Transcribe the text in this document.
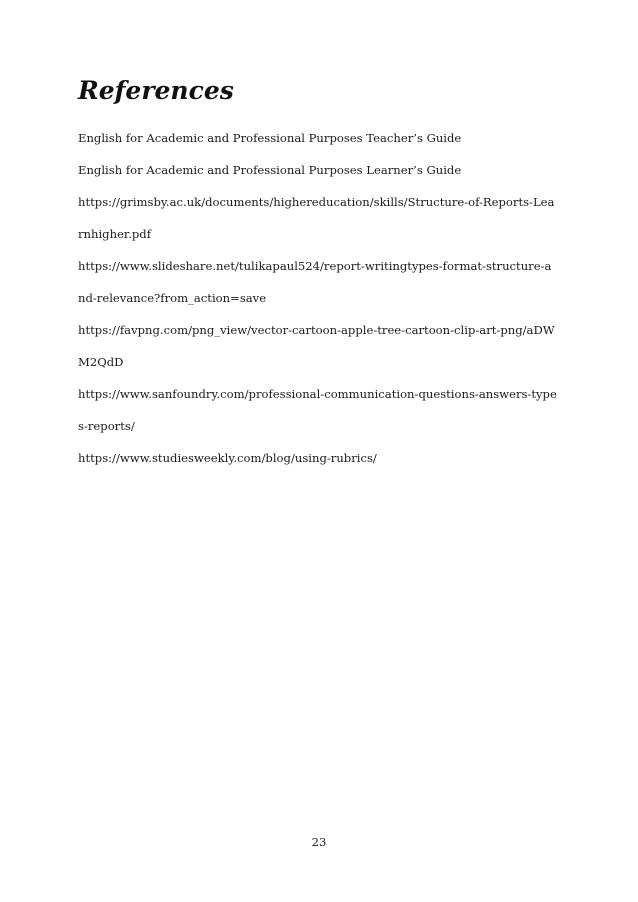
References
English for Academic and Professional Purposes Teacher’s Guide
English for Academic and Professional Purposes Learner’s Guide
https://grimsby.ac.uk/documents/highereducation/skills/Structure-of-Reports-Learnhigher.pdf
https://www.slideshare.net/tulikapaul524/report-writingtypes-format-structure-and-relevance?from_action=save
https://favpng.com/png_view/vector-cartoon-apple-tree-cartoon-clip-art-png/aDWM2QdD
https://www.sanfoundry.com/professional-communication-questions-answers-types-reports/
https://www.studiesweekly.com/blog/using-rubrics/
23
